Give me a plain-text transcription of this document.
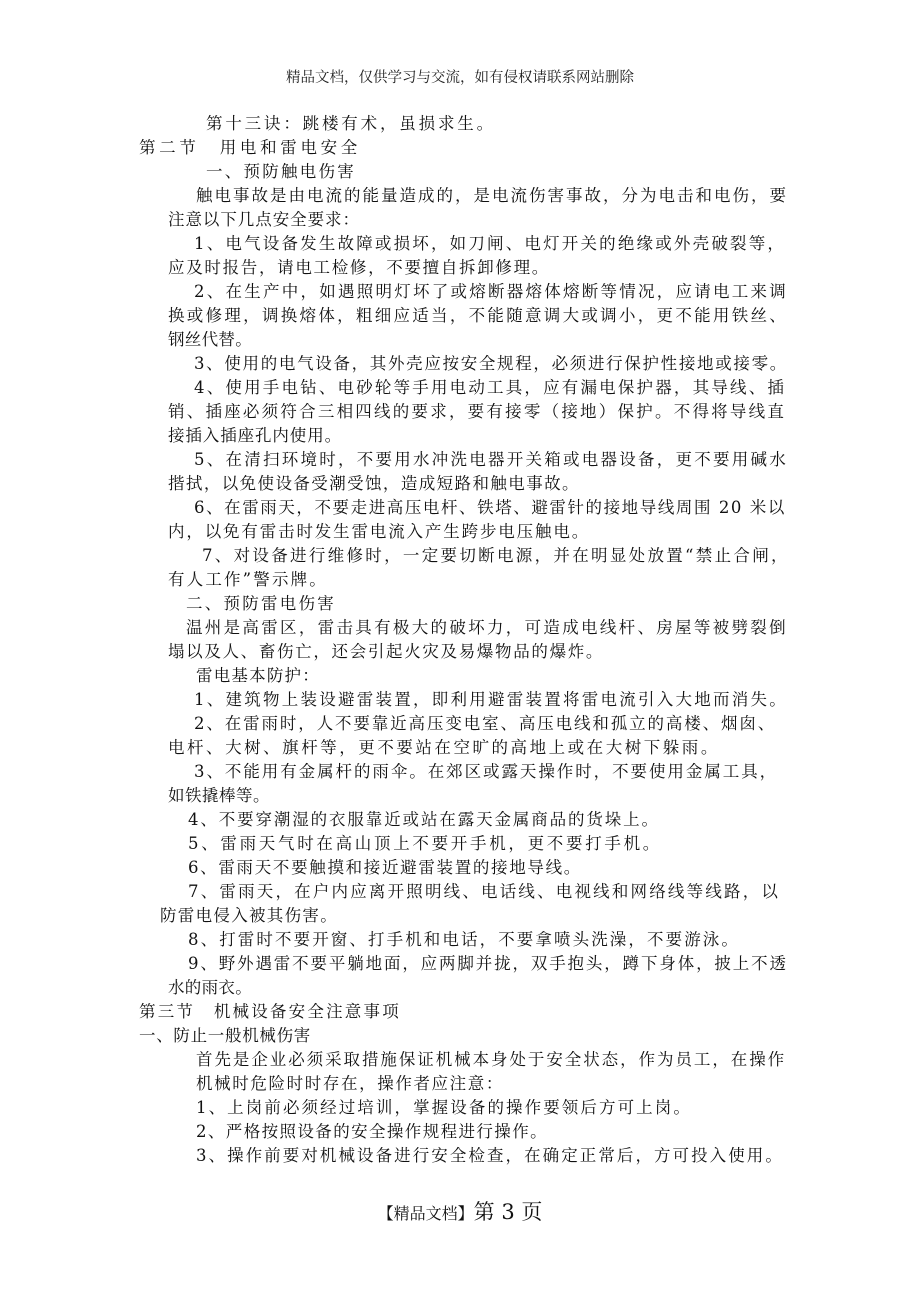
精品文档，仅供学习与交流，如有侵权请联系网站删除
第十三诀：跳楼有术，虽损求生。
第二节　用电和雷电安全
一、预防触电伤害
触电事故是由电流的能量造成的，是电流伤害事故，分为电击和电伤，要
注意以下几点安全要求：
1、电气设备发生故障或损坏，如刀闸、电灯开关的绝缘或外壳破裂等，
应及时报告，请电工检修，不要擅自拆卸修理。
2、在生产中，如遇照明灯坏了或熔断器熔体熔断等情况，应请电工来调
换或修理，调换熔体，粗细应适当，不能随意调大或调小，更不能用铁丝、
钢丝代替。
3、使用的电气设备，其外壳应按安全规程，必须进行保护性接地或接零。
4、使用手电钻、电砂轮等手用电动工具，应有漏电保护器，其导线、插
销、插座必须符合三相四线的要求，要有接零（接地）保护。不得将导线直
接插入插座孔内使用。
5、在清扫环境时，不要用水冲洗电器开关箱或电器设备，更不要用碱水
揩拭，以免使设备受潮受蚀，造成短路和触电事故。
6、在雷雨天，不要走进高压电杆、铁塔、避雷针的接地导线周围 20 米以
内，以免有雷击时发生雷电流入产生跨步电压触电。
7、对设备进行维修时，一定要切断电源，并在明显处放置“禁止合闸，
有人工作”警示牌。
二、预防雷电伤害
温州是高雷区，雷击具有极大的破坏力，可造成电线杆、房屋等被劈裂倒
塌以及人、畜伤亡，还会引起火灾及易爆物品的爆炸。
雷电基本防护：
1、建筑物上装设避雷装置，即利用避雷装置将雷电流引入大地而消失。
2、在雷雨时，人不要靠近高压变电室、高压电线和孤立的高楼、烟囱、
电杆、大树、旗杆等，更不要站在空旷的高地上或在大树下躲雨。
3、不能用有金属杆的雨伞。在郊区或露天操作时，不要使用金属工具，
如铁撬棒等。
4、不要穿潮湿的衣服靠近或站在露天金属商品的货垛上。
5、雷雨天气时在高山顶上不要开手机，更不要打手机。
6、雷雨天不要触摸和接近避雷装置的接地导线。
7、雷雨天，在户内应离开照明线、电话线、电视线和网络线等线路，以
防雷电侵入被其伤害。
8、打雷时不要开窗、打手机和电话，不要拿喷头洗澡，不要游泳。
9、野外遇雷不要平躺地面，应两脚并拢，双手抱头，蹲下身体，披上不透
水的雨衣。
第三节　机械设备安全注意事项
一、防止一般机械伤害
首先是企业必须采取措施保证机械本身处于安全状态，作为员工，在操作
机械时危险时时存在，操作者应注意：
1、上岗前必须经过培训，掌握设备的操作要领后方可上岗。
2、严格按照设备的安全操作规程进行操作。
3、操作前要对机械设备进行安全检查，在确定正常后，方可投入使用。
【精品文档】第 3 页
